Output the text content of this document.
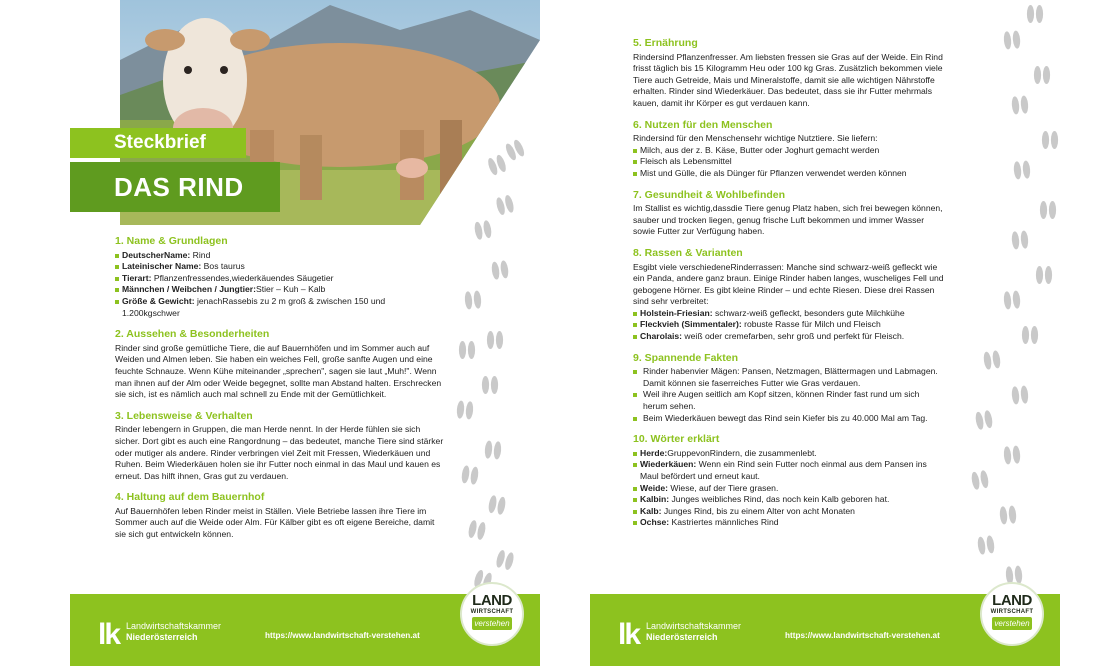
Steckbrief
DAS RIND
1. Name & Grundlagen
DeutscherName: Rind
Lateinischer Name: Bos taurus
Tierart: Pflanzenfressendes,wiederkäuendes Säugetier
Männchen / Weibchen / Jungtier:Stier – Kuh – Kalb
Größe & Gewicht: jenachRassebis zu 2 m groß & zwischen 150 und 1.200kgschwer
2. Aussehen & Besonderheiten

Rinder sind große gemütliche Tiere, die auf Bauernhöfen und im Sommer auch auf Weiden und Almen leben. Sie haben ein weiches Fell, große sanfte Augen und eine feuchte Schnauze. Wenn Kühe miteinander „sprechen", sagen sie laut „Muh!". Wenn man ihnen auf der Alm oder Weide begegnet, sollte man Abstand halten. Erschrecken sie sich, ist es nämlich auch mal schnell zu Ende mit der Gemütlichkeit.

3. Lebensweise & Verhalten

Rinder lebengern in Gruppen, die man Herde nennt. In der Herde fühlen sie sich sicher. Dort gibt es auch eine Rangordnung – das bedeutet, manche Tiere sind stärker oder mutiger als andere. Rinder verbringen viel Zeit mit Fressen, Wiederkäuen und Ruhen. Beim Wiederkäuen holen sie ihr Futter noch einmal in das Maul und kauen es erneut. Das hilft ihnen, Gras gut zu verdauen.

4. Haltung auf dem Bauernhof

Auf Bauernhöfen leben Rinder meist in Ställen. Viele Betriebe lassen ihre Tiere im Sommer auch auf die Weide oder Alm. Für Kälber gibt es oft eigene Bereiche, damit sie sich gut entwickeln können.

lk Landwirtschaftskammer
Niederösterreich	https://www.landwirtschaft-verstehen.at
LAND
WIRTSCHAFT
verstehen
5. Ernährung

Rindersind Pflanzenfresser. Am liebsten fressen sie Gras auf der Weide. Ein Rind frisst täglich bis 15 Kilogramm Heu oder 100 kg Gras. Zusätzlich bekommen viele Tiere auch Getreide, Mais und Mineralstoffe, damit sie alle wichtigen Nährstoffe erhalten. Rinder sind Wiederkäuer. Das bedeutet, dass sie ihr Futter mehrmals kauen, damit ihr Körper es gut verdauen kann.

6. Nutzen für den Menschen

Rindersind für den Menschensehr wichtige Nutztiere. Sie liefern:

Milch, aus der z. B. Käse, Butter oder Joghurt gemacht werden
Fleisch als Lebensmittel
Mist und Gülle, die als Dünger für Pflanzen verwendet werden können
7. Gesundheit & Wohlbefinden

Im Stallist es wichtig,dassdie Tiere genug Platz haben, sich frei bewegen können, sauber und trocken liegen, genug frische Luft bekommen und immer Wasser sowie Futter zur Verfügung haben.

8. Rassen & Varianten

Esgibt viele verschiedeneRinderrassen: Manche sind schwarz-weiß gefleckt wie ein Panda, andere ganz braun. Einige Rinder haben langes, wuscheliges Fell und gebogene Hörner. Es gibt kleine Rinder – und echte Riesen. Diese drei Rassen sind sehr verbreitet:

Holstein-Friesian: schwarz-weiß gefleckt, besonders gute Milchkühe
Fleckvieh (Simmentaler): robuste Rasse für Milch und Fleisch
Charolais: weiß oder cremefarben, sehr groß und perfekt für Fleisch.
9. Spannende Fakten
Rinder habenvier Mägen: Pansen, Netzmagen, Blättermagen und Labmagen. Damit können sie faserreiches Futter wie Gras verdauen.
Weil ihre Augen seitlich am Kopf sitzen, können Rinder fast rund um sich herum sehen.
Beim Wiederkäuen bewegt das Rind sein Kiefer bis zu 40.000 Mal am Tag.
10. Wörter erklärt
Herde:GruppevonRindern, die zusammenlebt.
Wiederkäuen: Wenn ein Rind sein Futter noch einmal aus dem Pansen ins Maul befördert und erneut kaut.
Weide: Wiese, auf der Tiere grasen.
Kalbin: Junges weibliches Rind, das noch kein Kalb geboren hat.
Kalb: Junges Rind, bis zu einem Alter von acht Monaten
Ochse: Kastriertes männliches Rind
lk Landwirtschaftskammer
Niederösterreich	https://www.landwirtschaft-verstehen.at
LAND
WIRTSCHAFT
verstehen
